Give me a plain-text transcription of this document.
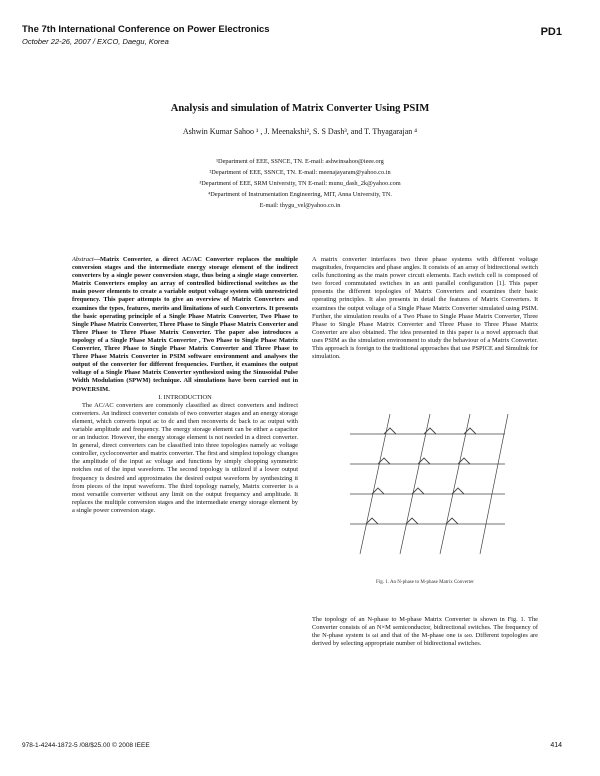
The 7th International Conference on Power Electronics
October 22-26, 2007 / EXCO, Daegu, Korea
PD1
Analysis and simulation of Matrix Converter Using PSIM
Ashwin Kumar Sahoo ¹ , J. Meenakshi², S. S Dash³, and T. Thyagarajan ⁴
¹Department of EEE, SSNCE, TN. E-mail: ashwinsahoo@ieee.org
²Department of EEE, SSNCE, TN. E-mail: meenajayaram@yahoo.co.in
³Department of EEE, SRM University, TN E-mail: munu_dash_2k@yahoo.com
⁴Department of Instrumentation Engineering, MIT, Anna University, TN.
E-mail: thygu_vel@yahoo.co.in

Abstract—Matrix Converter, a direct AC/AC Converter replaces the multiple conversion stages and the intermediate energy storage element of the indirect converters by a single power conversion stage, thus being a single stage converter. Matrix Converters employ an array of controlled bidirectional switches as the main power elements to create a variable output voltage system with unrestricted frequency. This paper attempts to give an overview of Matrix Converters and examines the types, features, merits and limitations of such Converters. It presents the basic operating principle of a Single Phase Matrix Converter, Two Phase to Single Phase Matrix Converter, Three Phase to Single Phase Matrix Converter and Three Phase to Three Phase Matrix Converter. The paper also introduces a topology of a Single Phase Matrix Converter , Two Phase to Single Phase Matrix Converter, Three Phase to Single Phase Matrix Converter and Three Phase to Three Phase Matrix Converter in PSIM software environment and analyses the output of the converter for different frequencies. Further, it examines the output voltage of a Single Phase Matrix Converter synthesized using the Sinusoidal Pulse Width Modulation (SPWM) technique. All simulations have been carried out in POWERSIM.

I. INTRODUCTION

The AC/AC converters are commonly classified as direct converters and indirect converters. An indirect converter consists of two converter stages and an energy storage element, which converts input ac to dc and then reconverts dc back to ac output with variable amplitude and frequency. The energy storage element can be either a capacitor or an inductor. However, the energy storage element is not needed in a direct converter. In general, direct converters can be classified into three topologies namely ac voltage controller, cycloconverter and matrix converter. The first and simplest topology changes the amplitude of the input ac voltage and functions by simply chopping symmetric notches out of the input waveform. The second topology is utilized if a lower output frequency is desired and approximates the desired output waveform by synthesizing it from pieces of the input waveform. The third topology namely, Matrix converter is a most versatile converter without any limit on the output frequency and amplitude. It replaces the multiple conversion stages and the intermediate energy storage element by a single power conversion stage.

A matrix converter interfaces two three phase systems with different voltage magnitudes, frequencies and phase angles. It consists of an array of bidirectional switch cells functioning as the main power circuit elements. Each switch cell is composed of two forced commutated switches in an anti parallel configuration [1]. This paper presents the different topologies of Matrix Converters and examines their basic operating principles. It also presents in detail the features of Matrix Converters. It examines the output voltage of a Single Phase Matrix Converter simulated using PSIM. Further, the simulation results of a Two Phase to Single Phase Matrix Converter, Three Phase to Single Phase Matrix Converter and Three Phase to Three Phase Matrix Converter are also obtained. The idea presented in this paper is a novel approach that uses PSIM as the simulation environment to study the behaviour of a Matrix Converter. This approach is foreign to the traditional approaches that use PSPICE and Simulink for simulation.

Fig. 1. An N-phase to M-phase Matrix Converter

The topology of an N-phase to M-phase Matrix Converter is shown in Fig. 1. The Converter consists of an N×M semiconductor, bidirectional switches. The frequency of the N-phase system is ωi and that of the M-phase one is ωo. Different topologies are derived by selecting appropriate number of bidirectional switches.

978-1-4244-1872-5 /08/$25.00 © 2008 IEEE	414
